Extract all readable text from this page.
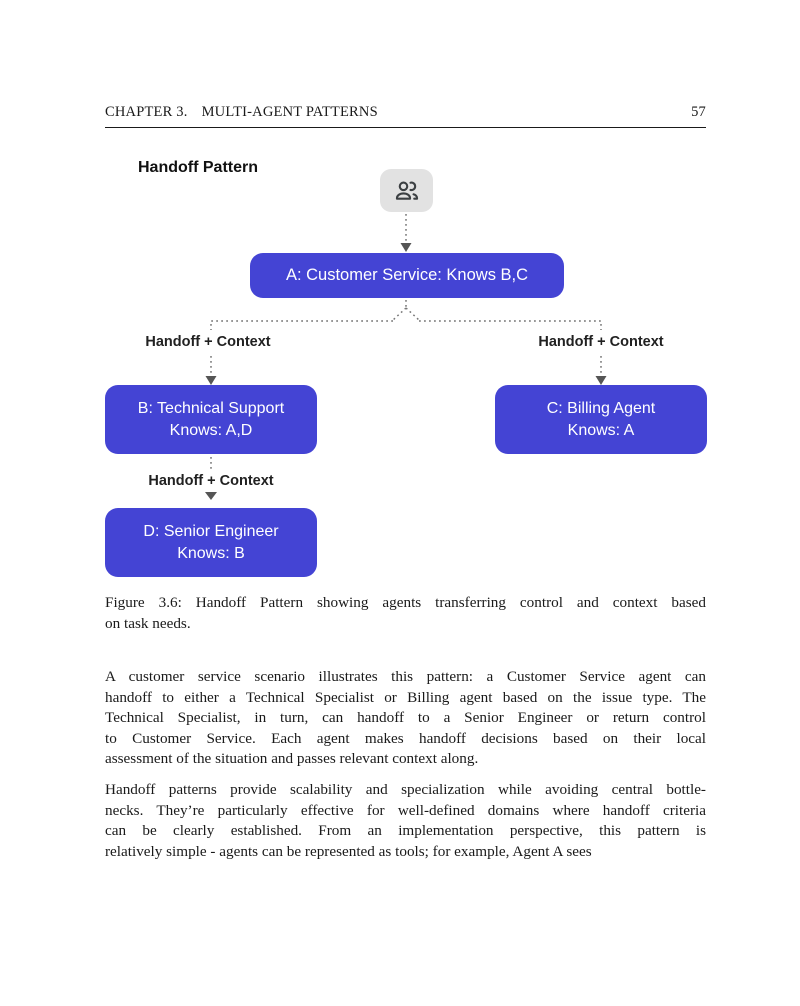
CHAPTER 3. MULTI-AGENT PATTERNS	57
Handoff Pattern
A: Customer Service: Knows B,C
B: Technical Support
Knows: A,D
C: Billing Agent
Knows: A
D: Senior Engineer
Knows: B
Handoff + Context	Handoff + Context
Handoff + Context
Figure 3.6: Handoff Pattern showing agents transferring control and context based
on task needs.
A customer service scenario illustrates this pattern: a Customer Service agent can
handoff to either a Technical Specialist or Billing agent based on the issue type. The
Technical Specialist, in turn, can handoff to a Senior Engineer or return control
to Customer Service. Each agent makes handoff decisions based on their local
assessment of the situation and passes relevant context along.
Handoff patterns provide scalability and specialization while avoiding central bottle-
necks. They’re particularly effective for well-defined domains where handoff criteria
can be clearly established. From an implementation perspective, this pattern is
relatively simple - agents can be represented as tools; for example, Agent A sees
